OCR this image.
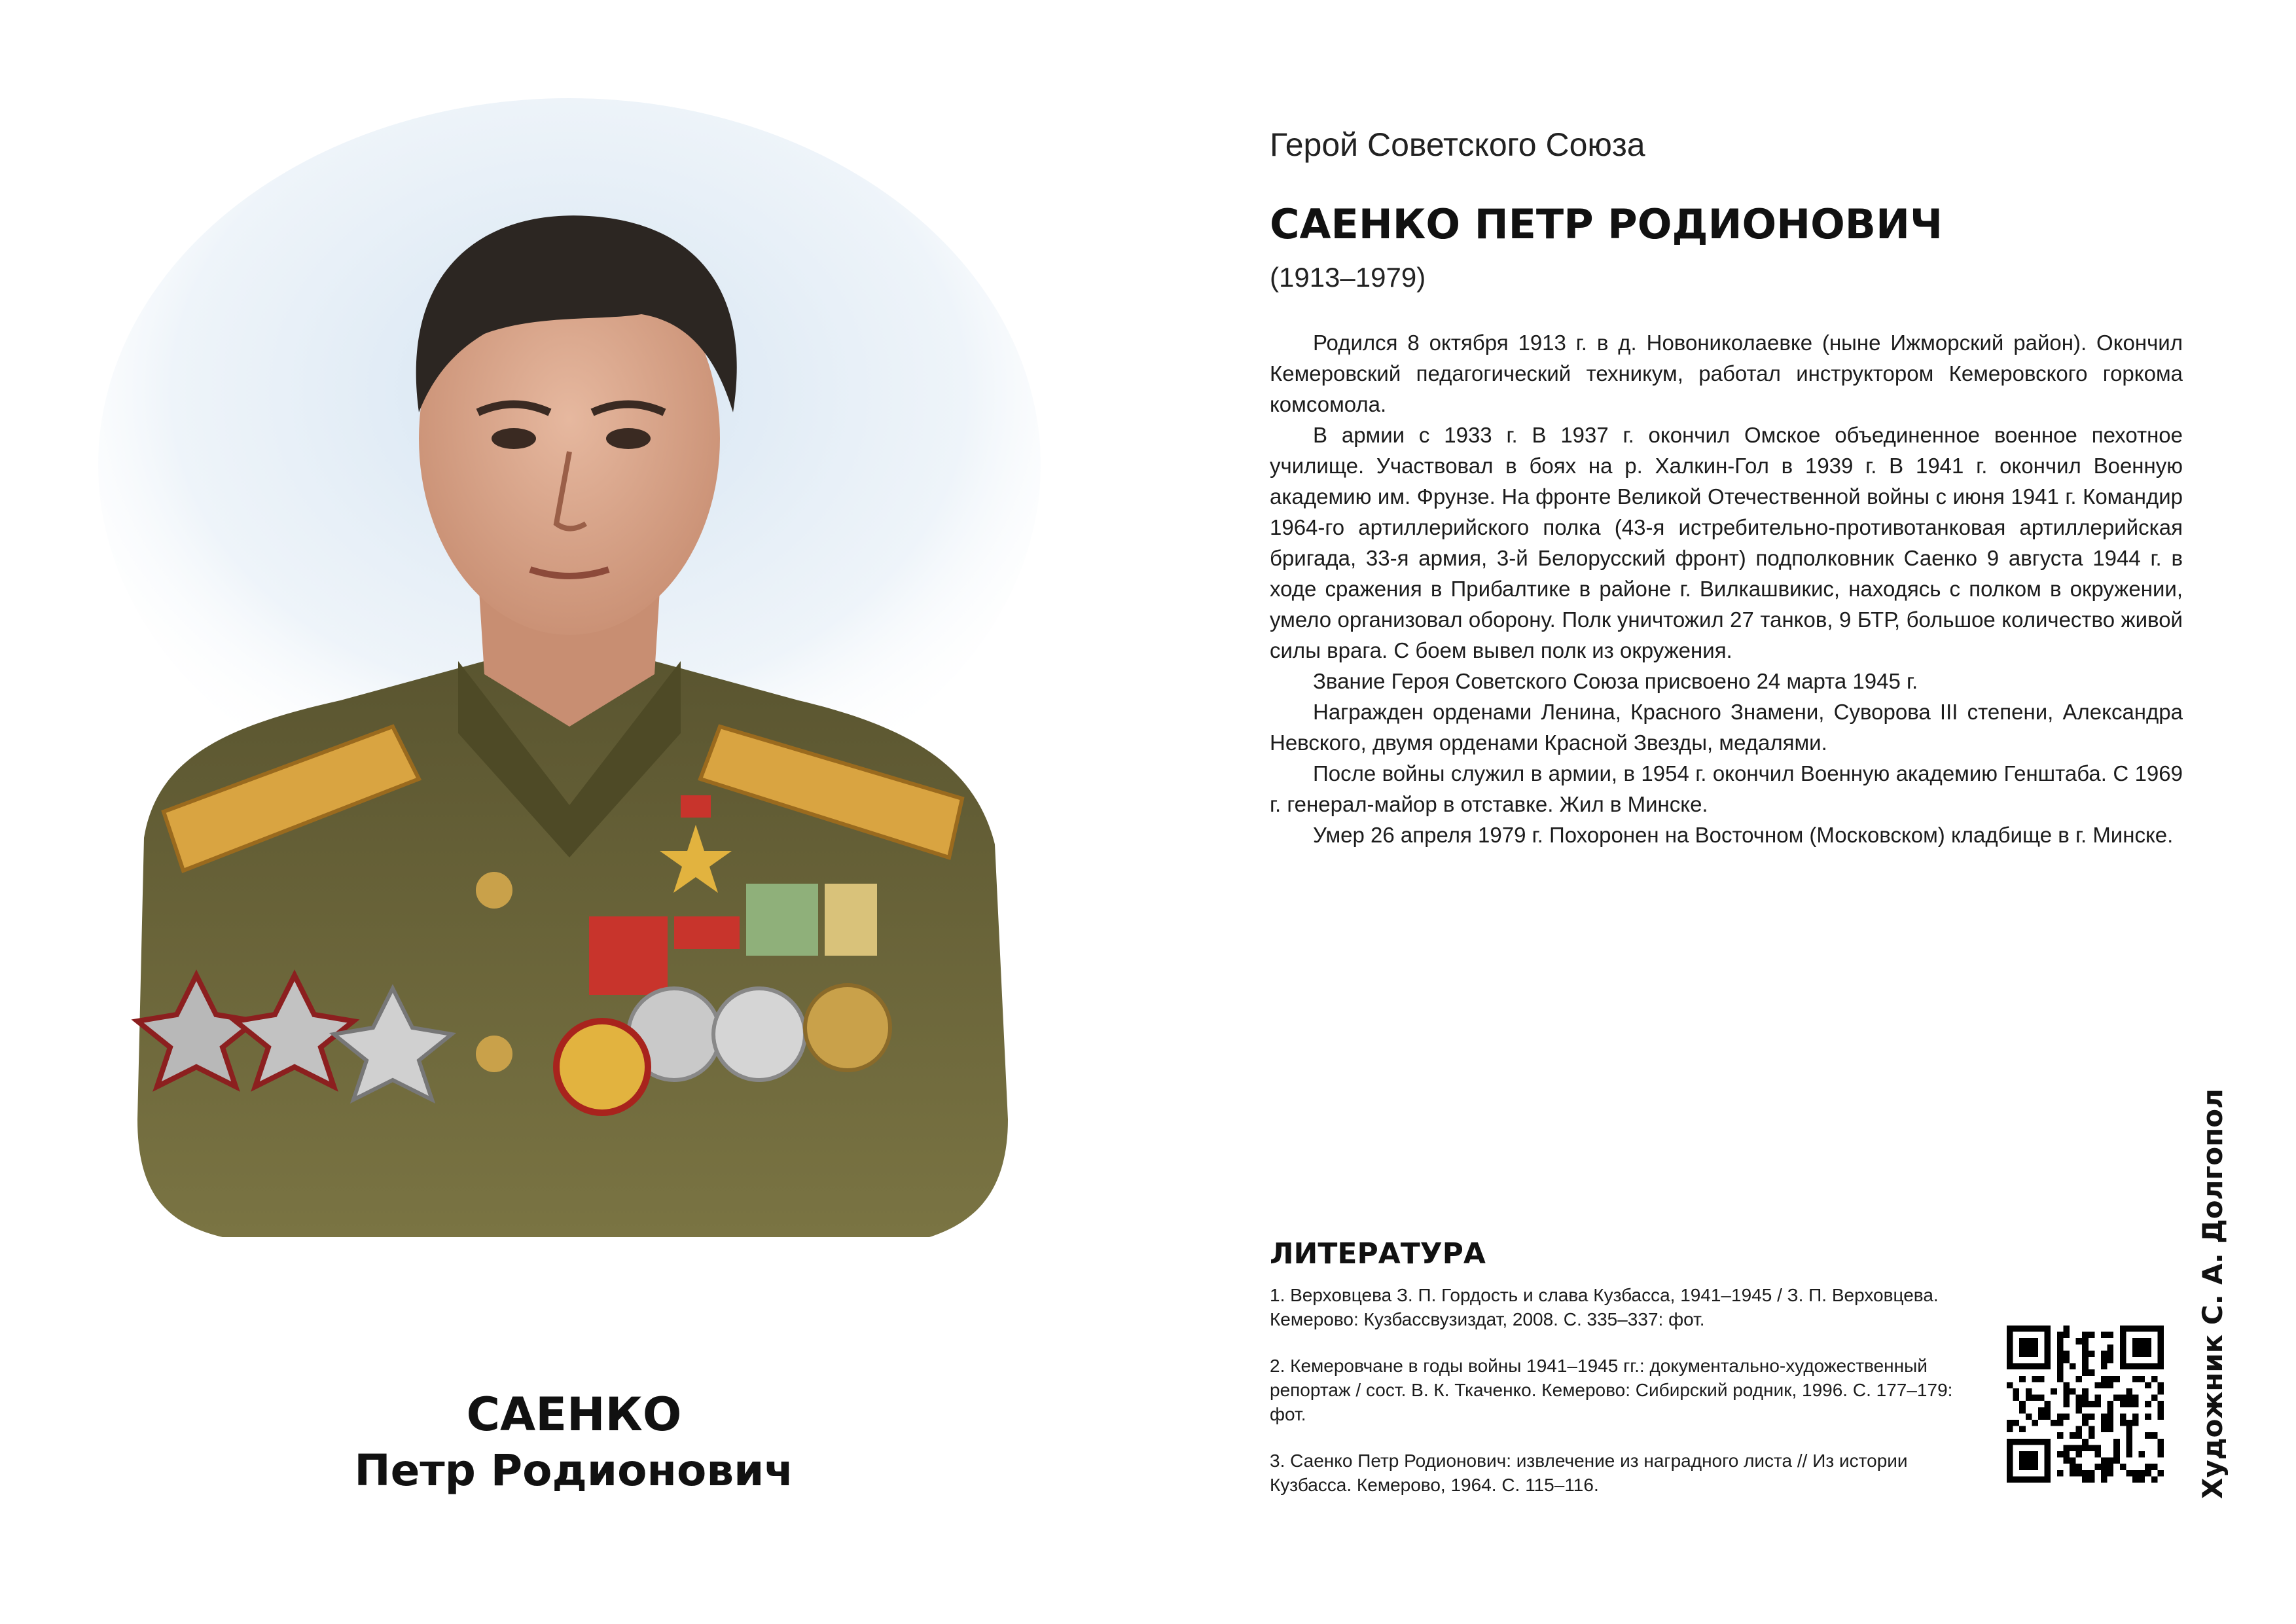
САЕНКО
Петр Родионович
Герой Советского Союза
САЕНКО ПЕТР РОДИОНОВИЧ
(1913–1979)

Родился 8 октября 1913 г. в д. Новониколаевке (ныне Ижморский район). Окончил Кемеровский педагогический техникум, работал инструктором Кемеровского горкома комсомола.

В армии с 1933 г. В 1937 г. окончил Омское объединенное военное пехотное училище. Участвовал в боях на р. Халкин-Гол в 1939 г. В 1941 г. окончил Военную академию им. Фрунзе. На фронте Великой Отечественной войны с июня 1941 г. Командир 1964-го артиллерийского полка (43-я истребительно-противотанковая артиллерийская бригада, 33-я армия, 3-й Белорусский фронт) подполковник Саенко 9 августа 1944 г. в ходе сражения в Прибалтике в районе г. Вилкашвикис, находясь с полком в окружении, умело организовал оборону. Полк уничтожил 27 танков, 9 БТР, большое количество живой силы врага. С боем вывел полк из окружения.

Звание Героя Советского Союза присвоено 24 марта 1945 г.

Награжден орденами Ленина, Красного Знамени, Суворова III степени, Александра Невского, двумя орденами Красной Звезды, медалями.

После войны служил в армии, в 1954 г. окончил Военную академию Генштаба. С 1969 г. генерал-майор в отставке. Жил в Минске.

Умер 26 апреля 1979 г. Похоронен на Восточном (Московском) кладбище в г. Минске.

ЛИТЕРАТУРА

1. Верховцева З. П. Гордость и слава Кузбасса, 1941–1945 / З. П. Верховцева. Кемерово: Кузбассвузиздат, 2008. С. 335–337: фот.

2. Кемеровчане в годы войны 1941–1945 гг.: документально-художественный репортаж / сост. В. К. Ткаченко. Кемерово: Сибирский родник, 1996. С. 177–179: фот.

3. Саенко Петр Родионович: извлечение из наградного листа // Из истории Кузбасса. Кемерово, 1964. С. 115–116.	Художник С. А. Долгопол
